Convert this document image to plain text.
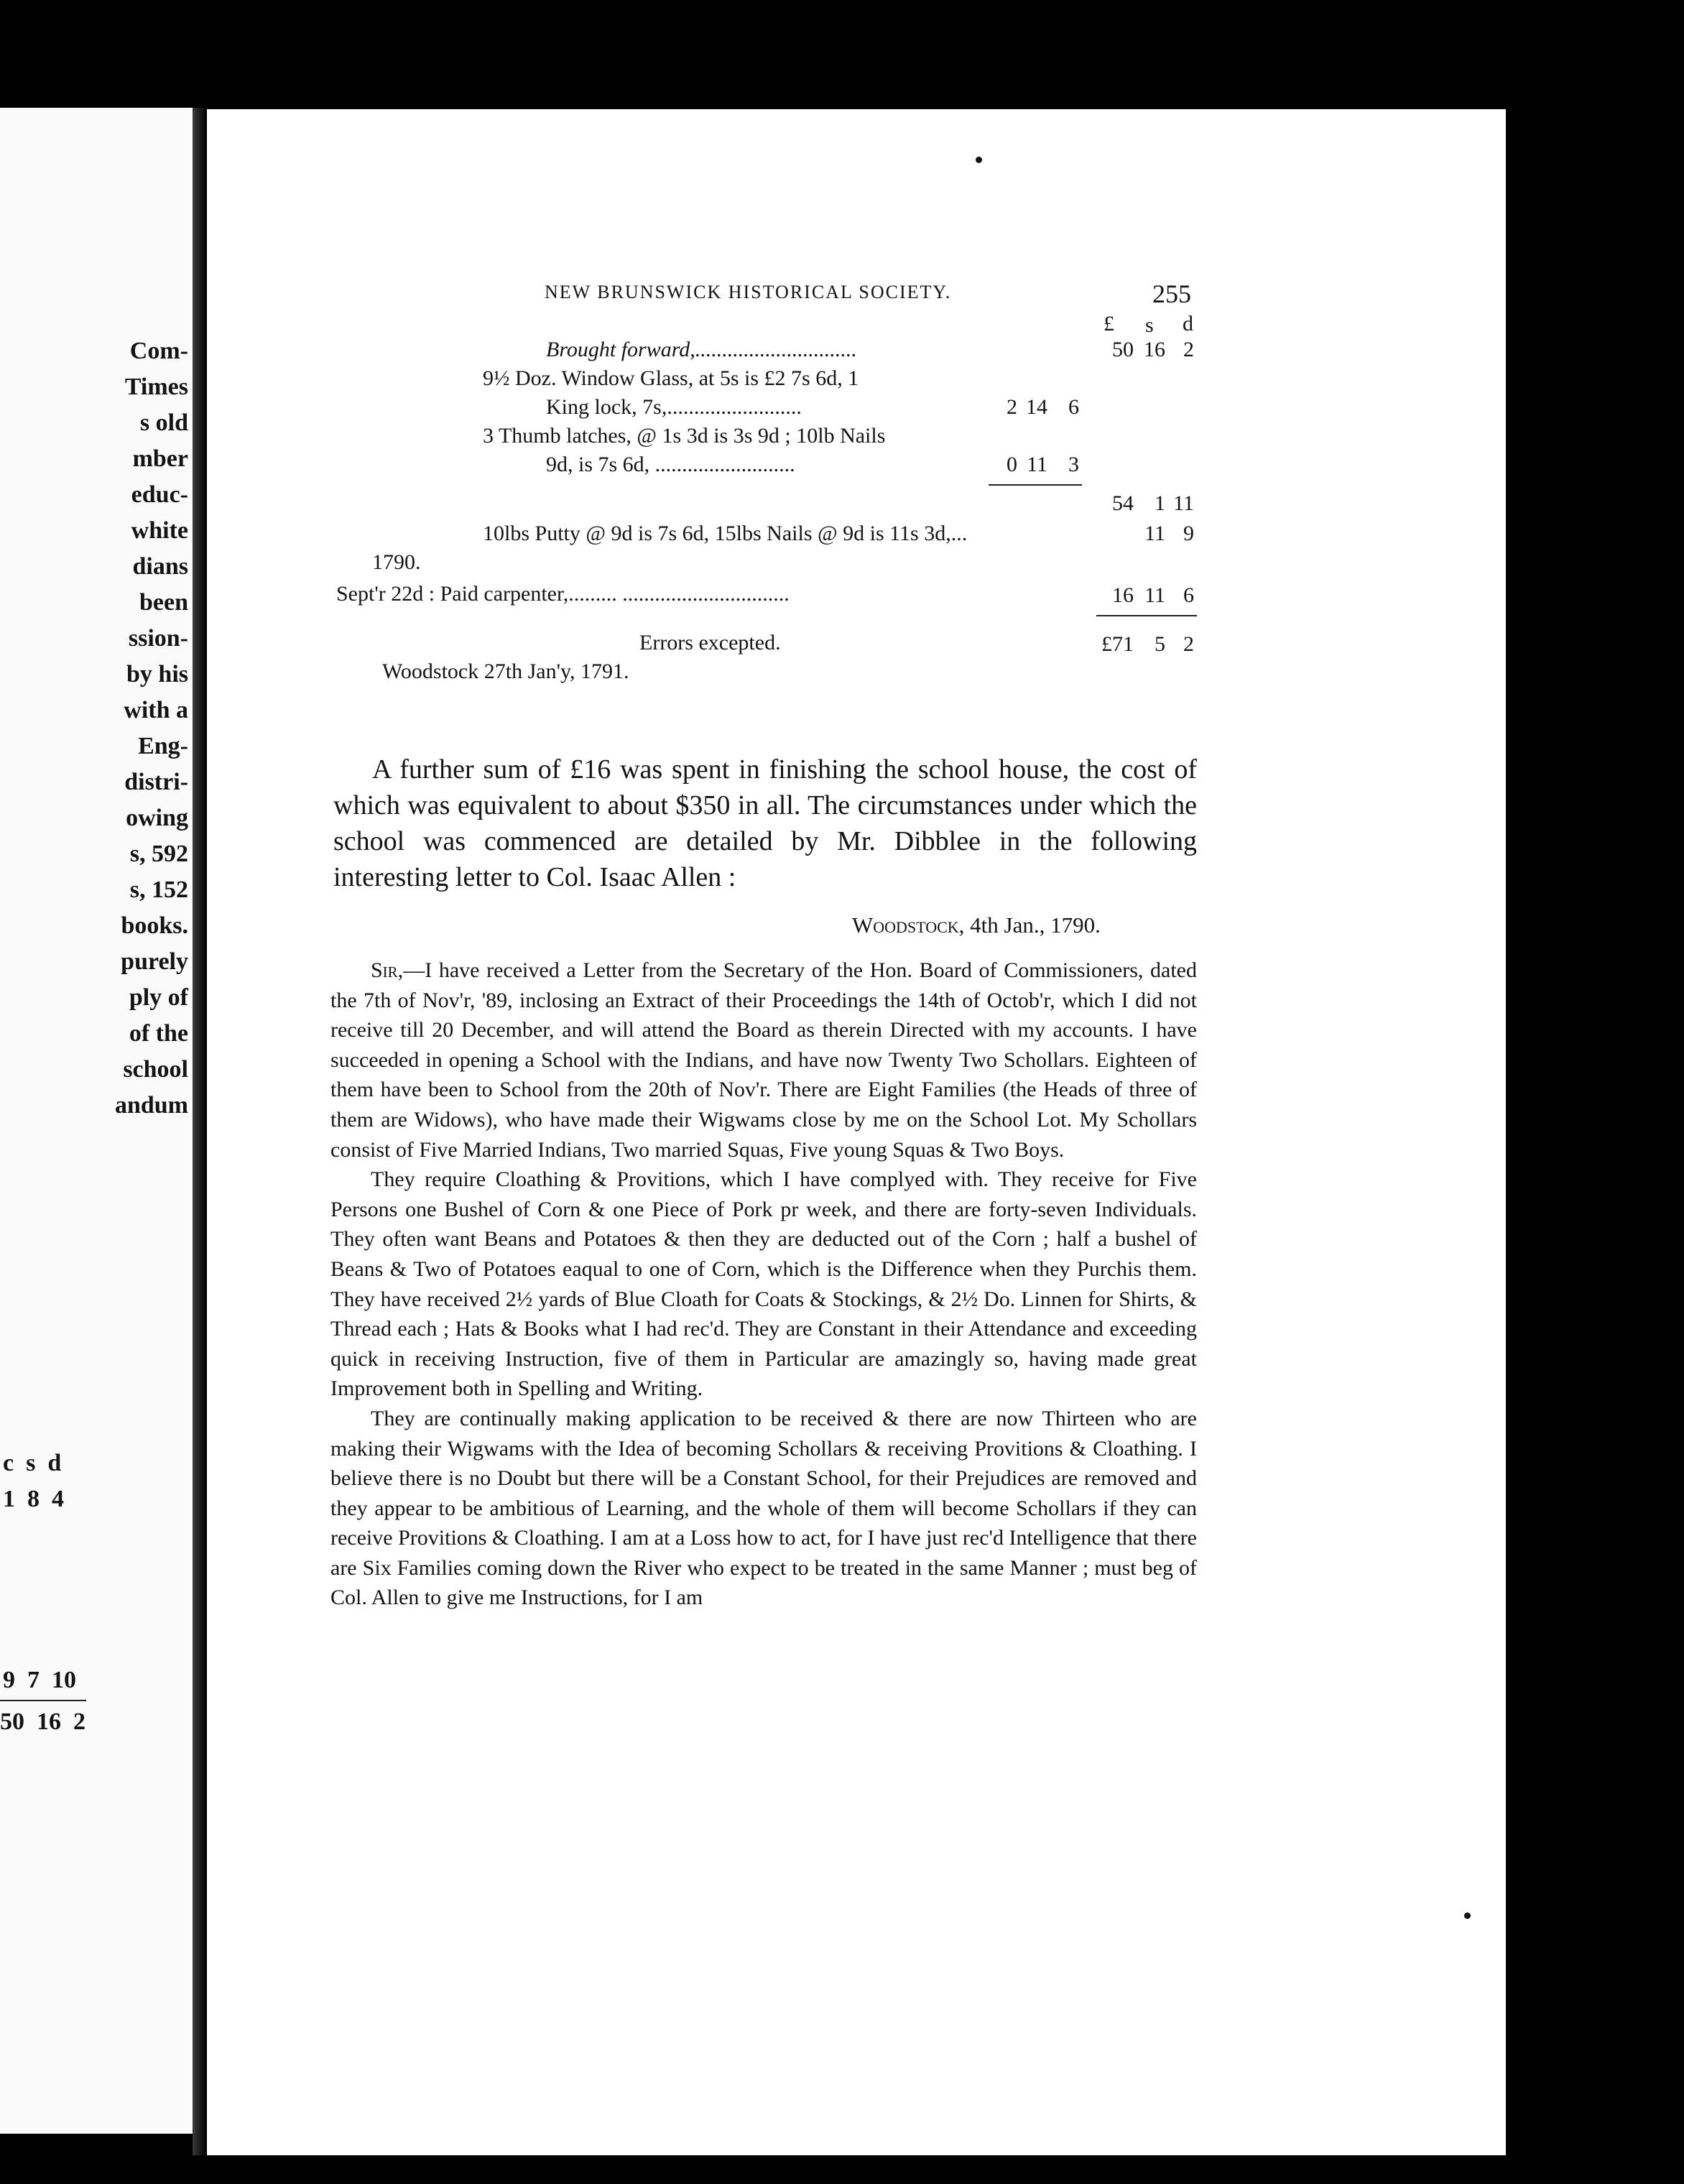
Com-
Times
s old
mber
educ-
white
dians
been
ssion-
by his
with a
Eng-
distri-
owing
s, 592
s, 152
books.
purely
ply of
of the
school
andum
c  s  d
1  8  4
9  7  10
50  16  2
NEW BRUNSWICK HISTORICAL SOCIETY.	255
£ s d
Brought forward,..............................	50 16 2
9½ Doz. Window Glass, at 5s is £2 7s 6d, 1
King lock, 7s,.........................	2 14 6
3 Thumb latches, @ 1s 3d is 3s 9d ; 10lb Nails
9d, is 7s 6d, ..........................	0 11 3
54 1 11
10lbs Putty @ 9d is 7s 6d, 15lbs Nails @ 9d is 11s 3d,...	11 9
1790.
Sept'r 22d : Paid carpenter,......... ...............................	16 11 6
Errors excepted.	£71 5 2
Woodstock 27th Jan'y, 1791.
A further sum of £16 was spent in finishing the school house, the cost of which was equivalent to about $350 in all. The circumstances under which the school was commenced are detailed by Mr. Dibblee in the following interesting letter to Col. Isaac Allen :
Woodstock, 4th Jan., 1790.

Sir,—I have received a Letter from the Secretary of the Hon. Board of Commissioners, dated the 7th of Nov'r, '89, inclosing an Extract of their Proceedings the 14th of Octob'r, which I did not receive till 20 December, and will attend the Board as therein Directed with my accounts. I have succeeded in opening a School with the Indians, and have now Twenty Two Schollars. Eighteen of them have been to School from the 20th of Nov'r. There are Eight Families (the Heads of three of them are Widows), who have made their Wigwams close by me on the School Lot. My Schollars consist of Five Married Indians, Two married Squas, Five young Squas & Two Boys.

They require Cloathing & Provitions, which I have complyed with. They receive for Five Persons one Bushel of Corn & one Piece of Pork pr week, and there are forty-seven Individuals. They often want Beans and Potatoes & then they are deducted out of the Corn ; half a bushel of Beans & Two of Potatoes eaqual to one of Corn, which is the Difference when they Purchis them. They have received 2½ yards of Blue Cloath for Coats & Stockings, & 2½ Do. Linnen for Shirts, & Thread each ; Hats & Books what I had rec'd. They are Constant in their Attendance and exceeding quick in receiving Instruction, five of them in Particular are amazingly so, having made great Improvement both in Spelling and Writing.

They are continually making application to be received & there are now Thirteen who are making their Wigwams with the Idea of becoming Schollars & receiving Provitions & Cloathing. I believe there is no Doubt but there will be a Constant School, for their Prejudices are removed and they appear to be ambitious of Learning, and the whole of them will become Schollars if they can receive Provitions & Cloathing. I am at a Loss how to act, for I have just rec'd Intelligence that there are Six Families coming down the River who expect to be treated in the same Manner ; must beg of Col. Allen to give me Instructions, for I am
